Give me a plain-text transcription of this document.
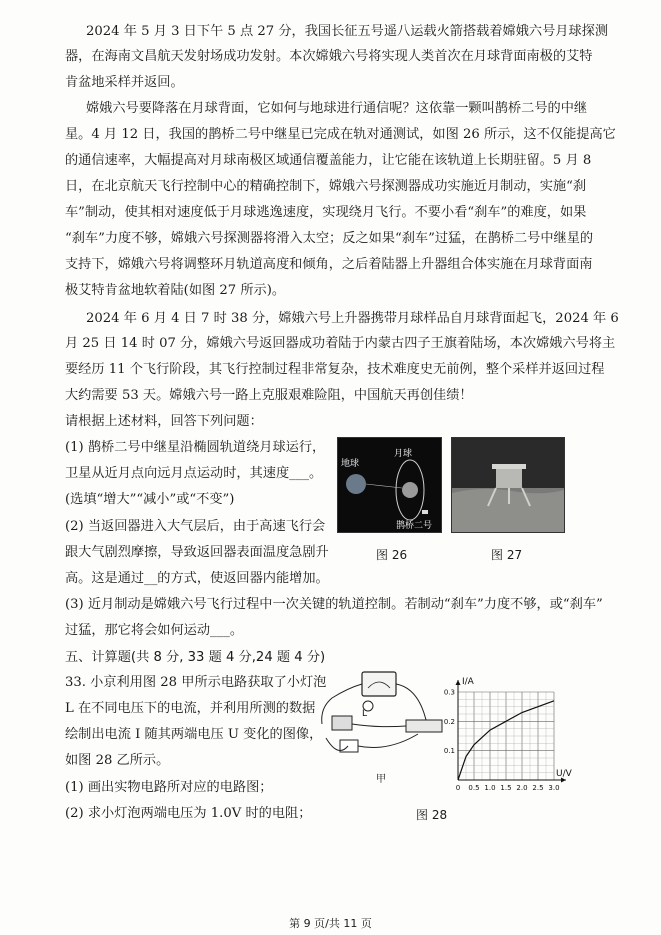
2024 年 5 月 3 日下午 5 点 27 分，我国长征五号遥八运载火箭搭载着嫦娥六号月球探测
器，在海南文昌航天发射场成功发射。本次嫦娥六号将实现人类首次在月球背面南极的艾特
肯盆地采样并返回。
嫦娥六号要降落在月球背面，它如何与地球进行通信呢？这依靠一颗叫鹊桥二号的中继
星。4 月 12 日，我国的鹊桥二号中继星已完成在轨对通测试，如图 26 所示，这不仅能提高它
的通信速率，大幅提高对月球南极区域通信覆盖能力，让它能在该轨道上长期驻留。5 月 8
日，在北京航天飞行控制中心的精确控制下，嫦娥六号探测器成功实施近月制动，实施“刹
车”制动，使其相对速度低于月球逃逸速度，实现绕月飞行。不要小看“刹车”的难度，如果
“刹车”力度不够，嫦娥六号探测器将滑入太空；反之如果“刹车”过猛，在鹊桥二号中继星的
支持下，嫦娥六号将调整环月轨道高度和倾角，之后着陆器上升器组合体实施在月球背面南
极艾特肯盆地软着陆(如图 27 所示)。
2024 年 6 月 4 日 7 时 38 分，嫦娥六号上升器携带月球样品自月球背面起飞，2024 年 6
月 25 日 14 时 07 分，嫦娥六号返回器成功着陆于内蒙古四子王旗着陆场，本次嫦娥六号将主
要经历 11 个飞行阶段，其飞行控制过程非常复杂，技术难度史无前例，整个采样并返回过程
大约需要 53 天。嫦娥六号一路上克服艰难险阻，中国航天再创佳绩！
请根据上述材料，回答下列问题：
(1) 鹊桥二号中继星沿椭圆轨道绕月球运行，
卫星从近月点向远月点运动时，其速度___。
(选填“增大”“减小”或“不变”)
(2) 当返回器进入大气层后，由于高速飞行会
跟大气剧烈摩擦，导致返回器表面温度急剧升
高。这是通过__的方式，使返回器内能增加。
地球
月球
鹊桥二号
图 26	图 27
(3) 近月制动是嫦娥六号飞行过程中一次关键的轨道控制。若制动“刹车”力度不够，或“刹车”
过猛，那它将会如何运动___。
五、计算题(共 8 分, 33 题 4 分,24 题 4 分)
33. 小京利用图 28 甲所示电路获取了小灯泡
L 在不同电压下的电流，并利用所测的数据
绘制出电流 I 随其两端电压 U 变化的图像，
如图 28 乙所示。
(1) 画出实物电路所对应的电路图；
(2) 求小灯泡两端电压为 1.0V 时的电阻；
L
甲
0 0.5 1.0 1.5 2.0 2.5 3.0
0.1
0.2
0.3
I/A
U/V
图 28
第 9 页/共 11 页
